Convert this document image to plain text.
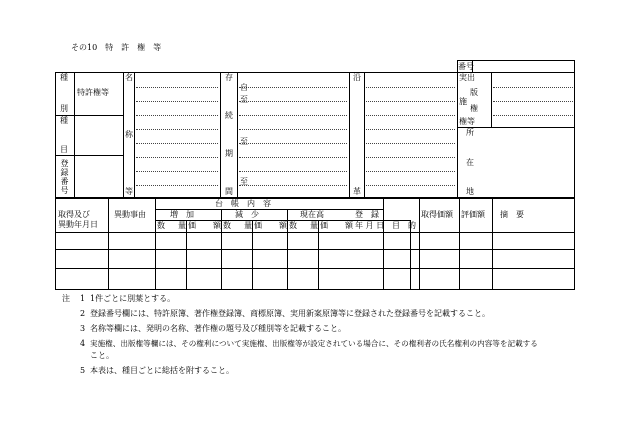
その10　特　許　権　等
番号
種
別
特許権等
種
目
登録番号
名
称
等
存
続
期
間
自
至
至
至
沿
革
実出
版
施
権
権等
所
在
地
取得及び
異動年月日
異動事由
台　帳　内　容
増　加	減　少	現在高
数 量 価 額 数 量 価 額 数 量 価 額
登　録
年 月 日 目　的
取得価額 評価額 摘　要
注 1 1件ごとに別葉とする。
2 登録番号欄には、特許原簿、著作権登録簿、商標原簿、実用新案原簿等に登録された登録番号を記載すること。
3 名称等欄には、発明の名称、著作権の題号及び種別等を記載すること。
4 実施権、出版権等欄には、その権利について実施権、出版権等が設定されている場合に、その権利者の氏名権利の内容等を記載する
こと。
5 本表は、種目ごとに総括を附すること。
